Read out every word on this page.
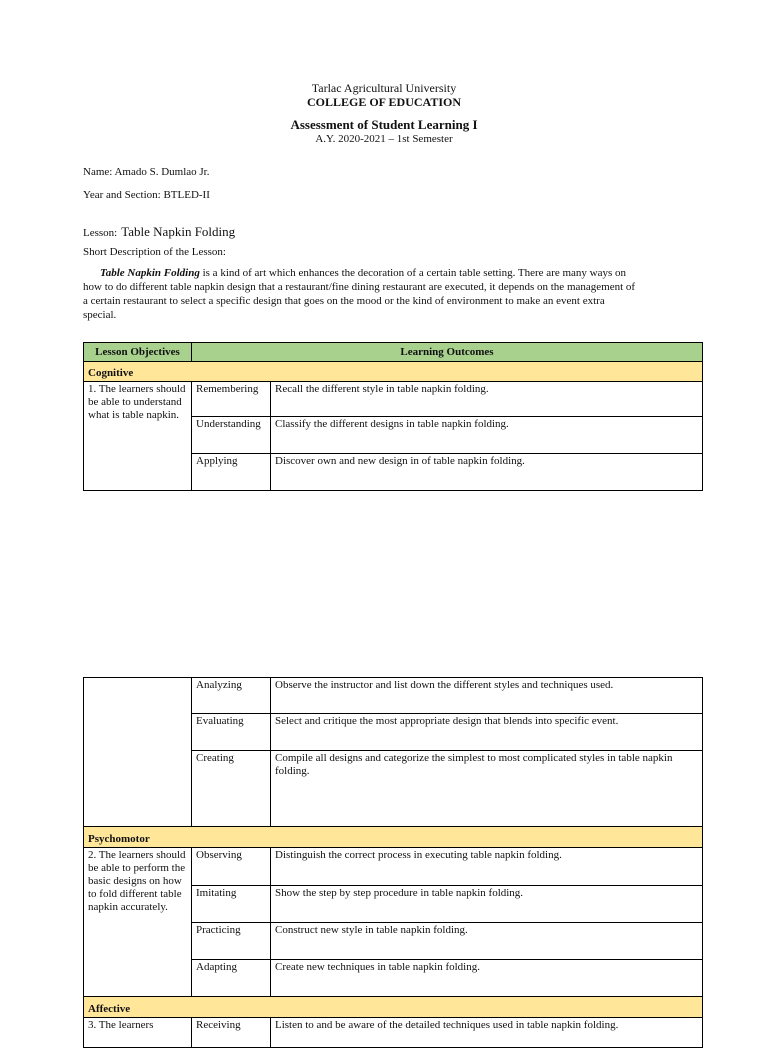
Tarlac Agricultural University
COLLEGE OF EDUCATION
Assessment of Student Learning I
A.Y. 2020-2021 – 1st Semester
Name: Amado S. Dumlao Jr.
Year and Section: BTLED-II
Lesson: Table Napkin Folding
Short Description of the Lesson:
Table Napkin Folding is a kind of art which enhances the decoration of a certain table setting. There are many ways on
how to do different table napkin design that a restaurant/fine dining restaurant are executed, it depends on the management of
a certain restaurant to select a specific design that goes on the mood or the kind of environment to make an event extra
special.
Lesson Objectives	Learning Outcomes	
Cognitive		
1. The learners should be able to understand what is table napkin.	Remembering	Recall the different style in table napkin folding.
	Understanding	Classify the different designs in table napkin folding.
	Applying	Discover own and new design in of table napkin folding.
	Analyzing	Observe the instructor and list down the different styles and techniques used.
	Evaluating	Select and critique the most appropriate design that blends into specific event.
	Creating	Compile all designs and categorize the simplest to most complicated styles in table napkin folding.
Psychomotor		
2. The learners should be able to perform the basic designs on how to fold different table napkin accurately.	Observing	Distinguish the correct process in executing table napkin folding.
	Imitating	Show the step by step procedure in table napkin folding.
	Practicing	Construct new style in table napkin folding.
	Adapting	Create new techniques in table napkin folding.
Affective		
3. The learners	Receiving	Listen to and be aware of the detailed techniques used in table napkin folding.
